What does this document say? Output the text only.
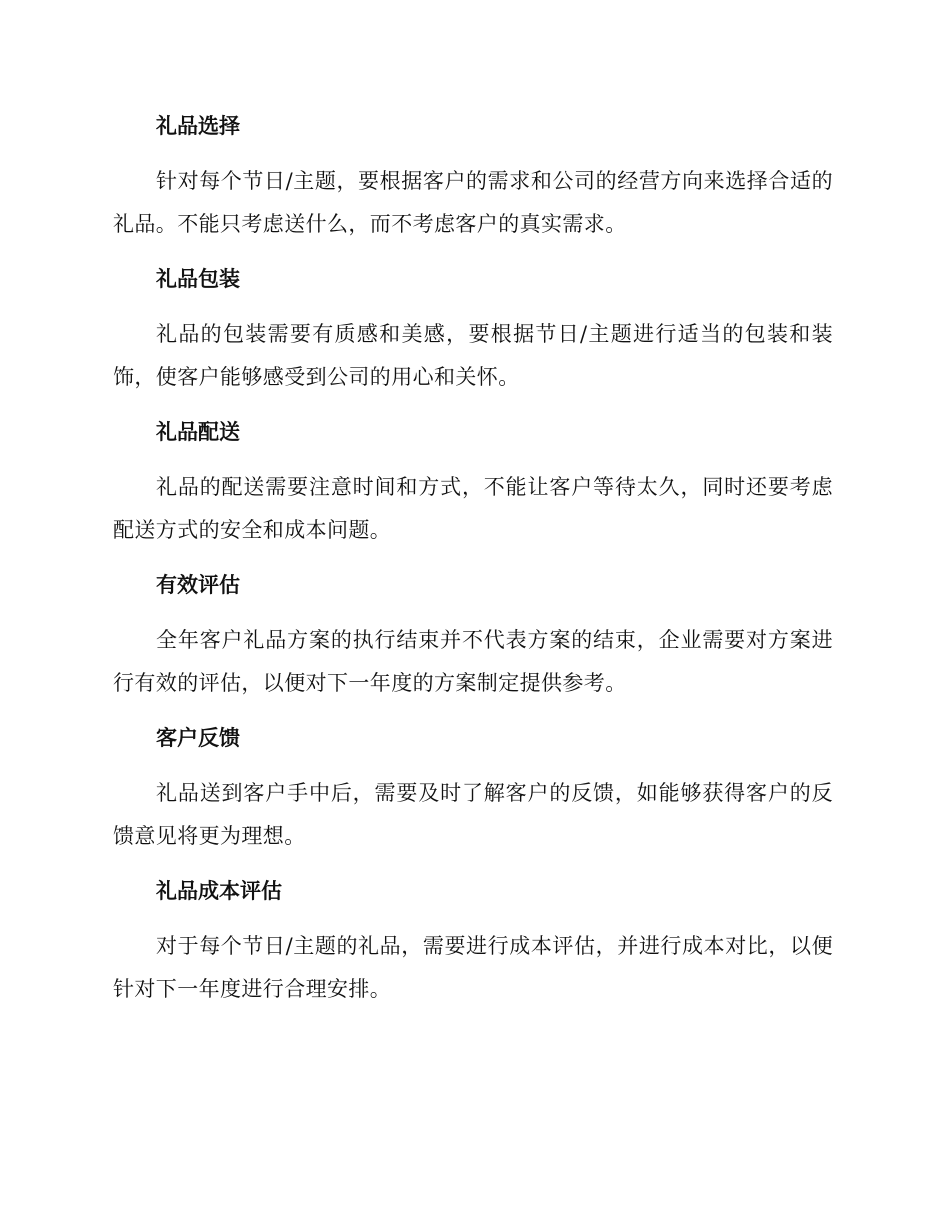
礼品选择

针对每个节日/主题，要根据客户的需求和公司的经营方向来选择合适的礼品。不能只考虑送什么，而不考虑客户的真实需求。

礼品包装

礼品的包装需要有质感和美感，要根据节日/主题进行适当的包装和装饰，使客户能够感受到公司的用心和关怀。

礼品配送

礼品的配送需要注意时间和方式，不能让客户等待太久，同时还要考虑配送方式的安全和成本问题。

有效评估

全年客户礼品方案的执行结束并不代表方案的结束，企业需要对方案进行有效的评估，以便对下一年度的方案制定提供参考。

客户反馈

礼品送到客户手中后，需要及时了解客户的反馈，如能够获得客户的反馈意见将更为理想。

礼品成本评估

对于每个节日/主题的礼品，需要进行成本评估，并进行成本对比，以便针对下一年度进行合理安排。
